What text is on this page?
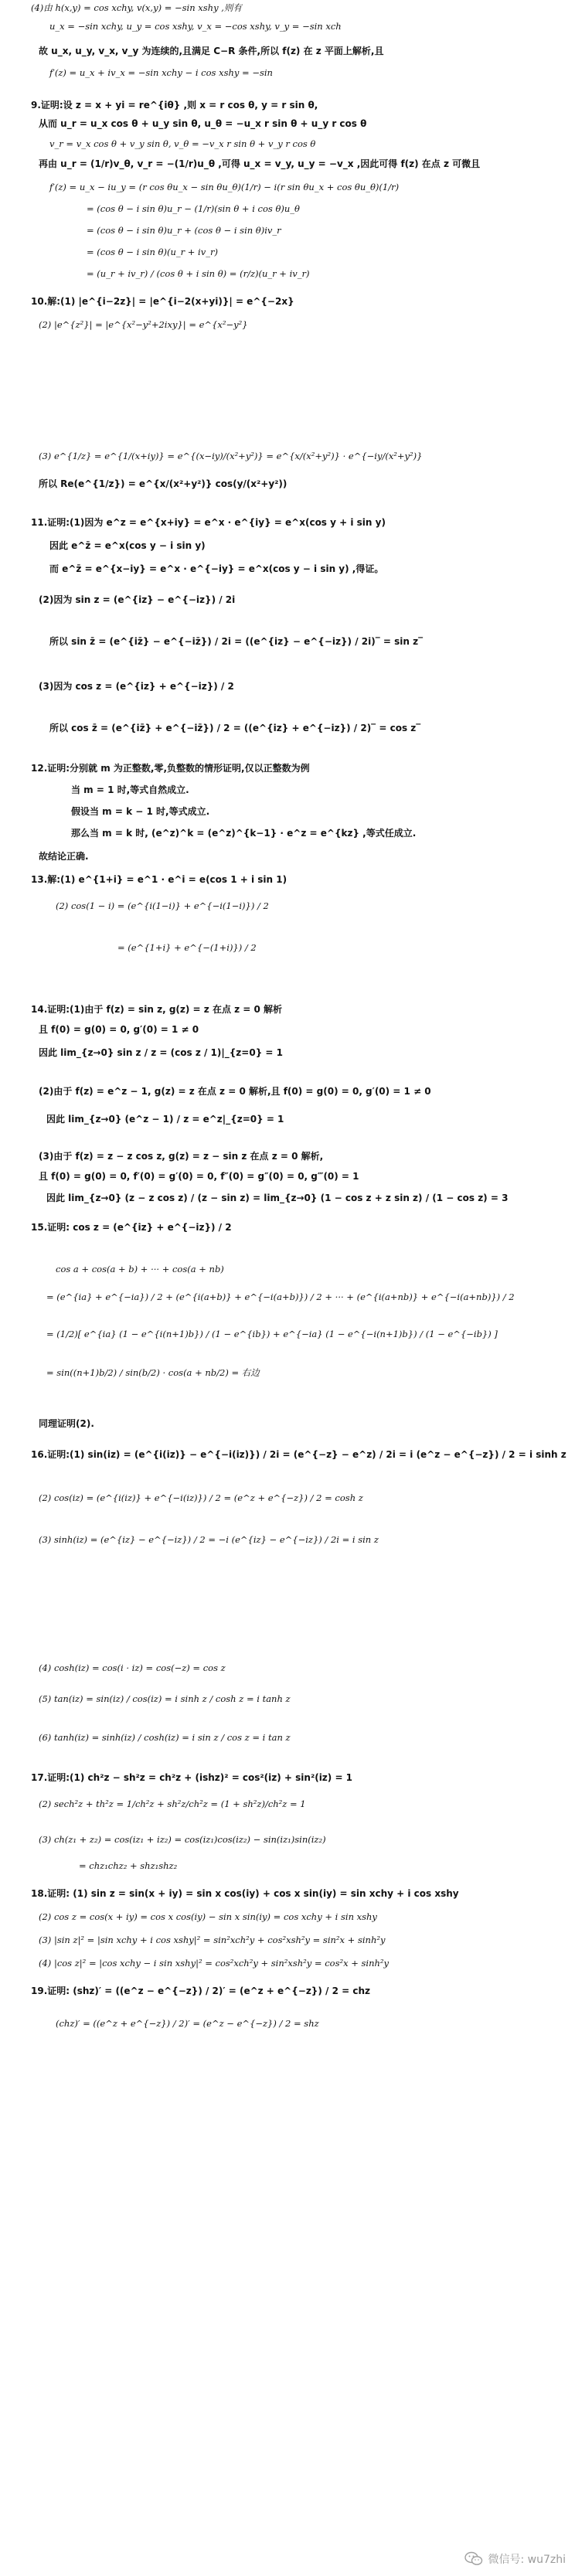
(4)由 h(x,y) = cos xchy, v(x,y) = −sin xshy ,则有
u_x = −sin xchy, u_y = cos xshy, v_x = −cos xshy, v_y = −sin xch
故 u_x, u_y, v_x, v_y 为连续的,且满足 C−R 条件,所以 f(z) 在 z 平面上解析,且
f′(z) = u_x + iv_x = −sin xchy − i cos xshy = −sin
9.证明:设 z = x + yi = re^{iθ} ,则 x = r cos θ, y = r sin θ,
从而 u_r = u_x cos θ + u_y sin θ, u_θ = −u_x r sin θ + u_y r cos θ
v_r = v_x cos θ + v_y sin θ, v_θ = −v_x r sin θ + v_y r cos θ
再由 u_r = (1/r)v_θ, v_r = −(1/r)u_θ ,可得 u_x = v_y, u_y = −v_x ,因此可得 f(z) 在点 z 可微且
f′(z) = u_x − iu_y = (r cos θu_x − sin θu_θ)(1/r) − i(r sin θu_x + cos θu_θ)(1/r)
= (cos θ − i sin θ)u_r − (1/r)(sin θ + i cos θ)u_θ
= (cos θ − i sin θ)u_r + (cos θ − i sin θ)iv_r
= (cos θ − i sin θ)(u_r + iv_r)
= (u_r + iv_r) / (cos θ + i sin θ) = (r/z)(u_r + iv_r)
10.解:(1) |e^{i−2z}| = |e^{i−2(x+yi)}| = e^{−2x}
(2) |e^{z²}| = |e^{x²−y²+2ixy}| = e^{x²−y²}
(3) e^{1/z} = e^{1/(x+iy)} = e^{(x−iy)/(x²+y²)} = e^{x/(x²+y²)} · e^{−iy/(x²+y²)}
所以 Re(e^{1/z}) = e^{x/(x²+y²)} cos(y/(x²+y²))
11.证明:(1)因为 e^z = e^{x+iy} = e^x · e^{iy} = e^x(cos y + i sin y)
因此 e^z̄ = e^x(cos y − i sin y)
而 e^z̄ = e^{x−iy} = e^x · e^{−iy} = e^x(cos y − i sin y) ,得证。
(2)因为 sin z = (e^{iz} − e^{−iz}) / 2i
所以 sin z̄ = (e^{iz̄} − e^{−iz̄}) / 2i = ((e^{iz} − e^{−iz}) / 2i)‾ = sin z‾
(3)因为 cos z = (e^{iz} + e^{−iz}) / 2
所以 cos z̄ = (e^{iz̄} + e^{−iz̄}) / 2 = ((e^{iz} + e^{−iz}) / 2)‾ = cos z‾
12.证明:分别就 m 为正整数,零,负整数的情形证明,仅以正整数为例
当 m = 1 时,等式自然成立.
假设当 m = k − 1 时,等式成立.
那么当 m = k 时, (e^z)^k = (e^z)^{k−1} · e^z = e^{kz} ,等式任成立.
故结论正确.
13.解:(1) e^{1+i} = e^1 · e^i = e(cos 1 + i sin 1)
(2) cos(1 − i) = (e^{i(1−i)} + e^{−i(1−i)}) / 2
= (e^{1+i} + e^{−(1+i)}) / 2
14.证明:(1)由于 f(z) = sin z, g(z) = z 在点 z = 0 解析
且 f(0) = g(0) = 0, g′(0) = 1 ≠ 0
因此 lim_{z→0} sin z / z = (cos z / 1)|_{z=0} = 1
(2)由于 f(z) = e^z − 1, g(z) = z 在点 z = 0 解析,且 f(0) = g(0) = 0, g′(0) = 1 ≠ 0
因此 lim_{z→0} (e^z − 1) / z = e^z|_{z=0} = 1
(3)由于 f(z) = z − z cos z, g(z) = z − sin z 在点 z = 0 解析,
且 f(0) = g(0) = 0, f′(0) = g′(0) = 0, f″(0) = g″(0) = 0, g‴(0) = 1
因此 lim_{z→0} (z − z cos z) / (z − sin z) = lim_{z→0} (1 − cos z + z sin z) / (1 − cos z) = 3
15.证明: cos z = (e^{iz} + e^{−iz}) / 2
cos a + cos(a + b) + ··· + cos(a + nb)
= (e^{ia} + e^{−ia}) / 2 + (e^{i(a+b)} + e^{−i(a+b)}) / 2 + ··· + (e^{i(a+nb)} + e^{−i(a+nb)}) / 2
= (1/2)[ e^{ia} (1 − e^{i(n+1)b}) / (1 − e^{ib}) + e^{−ia} (1 − e^{−i(n+1)b}) / (1 − e^{−ib}) ]
= sin((n+1)b/2) / sin(b/2) · cos(a + nb/2) = 右边
同理证明(2).
16.证明:(1) sin(iz) = (e^{i(iz)} − e^{−i(iz)}) / 2i = (e^{−z} − e^z) / 2i = i (e^z − e^{−z}) / 2 = i sinh z
(2) cos(iz) = (e^{i(iz)} + e^{−i(iz)}) / 2 = (e^z + e^{−z}) / 2 = cosh z
(3) sinh(iz) = (e^{iz} − e^{−iz}) / 2 = −i (e^{iz} − e^{−iz}) / 2i = i sin z
(4) cosh(iz) = cos(i · iz) = cos(−z) = cos z
(5) tan(iz) = sin(iz) / cos(iz) = i sinh z / cosh z = i tanh z
(6) tanh(iz) = sinh(iz) / cosh(iz) = i sin z / cos z = i tan z
17.证明:(1) ch²z − sh²z = ch²z + (ishz)² = cos²(iz) + sin²(iz) = 1
(2) sech²z + th²z = 1/ch²z + sh²z/ch²z = (1 + sh²z)/ch²z = 1
(3) ch(z₁ + z₂) = cos(iz₁ + iz₂) = cos(iz₁)cos(iz₂) − sin(iz₁)sin(iz₂)
= chz₁chz₂ + shz₁shz₂
18.证明: (1) sin z = sin(x + iy) = sin x cos(iy) + cos x sin(iy) = sin xchy + i cos xshy
(2) cos z = cos(x + iy) = cos x cos(iy) − sin x sin(iy) = cos xchy + i sin xshy
(3) |sin z|² = |sin xchy + i cos xshy|² = sin²xch²y + cos²xsh²y = sin²x + sinh²y
(4) |cos z|² = |cos xchy − i sin xshy|² = cos²xch²y + sin²xsh²y = cos²x + sinh²y
19.证明: (shz)′ = ((e^z − e^{−z}) / 2)′ = (e^z + e^{−z}) / 2 = chz
(chz)′ = ((e^z + e^{−z}) / 2)′ = (e^z − e^{−z}) / 2 = shz
微信号: wu7zhi
